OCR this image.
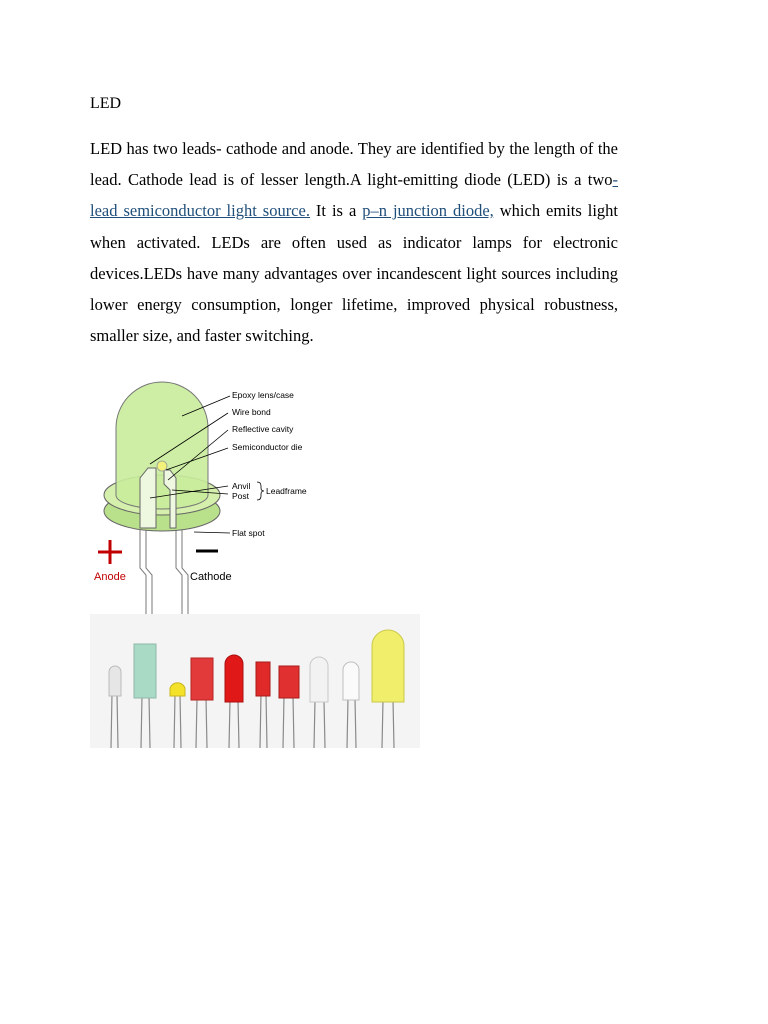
LED

LED has two leads- cathode and anode. They are identified by the length of the lead. Cathode lead is of lesser length.A light-emitting diode (LED) is a two-lead semiconductor light source. It is a p–n junction diode, which emits light when activated. LEDs are often used as indicator lamps for electronic devices.LEDs have many advantages over incandescent light sources including lower energy consumption, longer lifetime, improved physical robustness, smaller size, and faster switching.

Epoxy lens/case
Wire bond
Reflective cavity
Semiconductor die
Anvil
Post Leadframe
Flat spot
Anode	Cathode
